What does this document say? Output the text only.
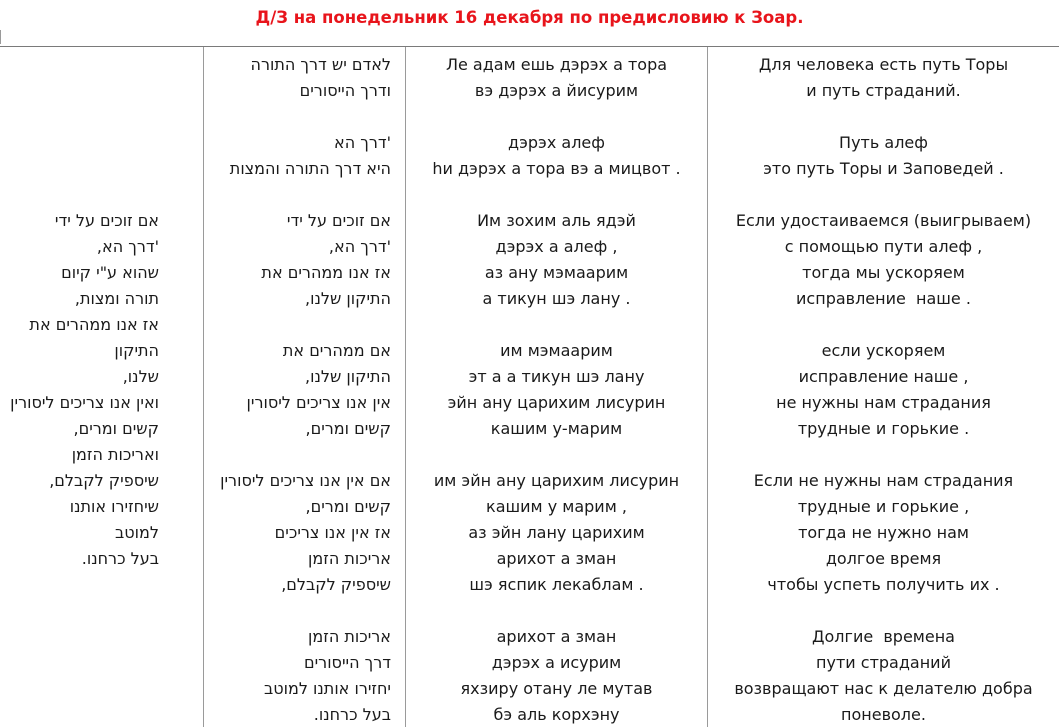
Д/З на понедельник 16 декабря по предисловию к Зоар.
אם זוכים על ידי
'דרך הא,
שהוא ע"י קיום
תורה ומצות,
אז אנו ממהרים את
התיקון
שלנו,
ואין אנו צריכים ליסורין
קשים ומרים,
ואריכות הזמן
שיספיק לקבלם,
שיחזירו אותנו
למוטב
בעל כרחנו.
לאדם יש דרך התורה
ודרך הייסורים
'דרך הא
היא דרך התורה והמצות
אם זוכים על ידי
'דרך הא,
אז אנו ממהרים את
התיקון שלנו,
אם ממהרים את
התיקון שלנו,
אין אנו צריכים ליסורין
קשים ומרים,
אם אין אנו צריכים ליסורין
קשים ומרים,
אז אין אנו צריכים
אריכות הזמן
שיספיק לקבלם,
אריכות הזמן
דרך הייסורים
יחזירו אותנו למוטב
בעל כרחנו.
Ле адам ешь дэрэх а тора
вэ дэрэх а йисурим
дэрэх алеф
hи дэрэх а тора вэ а мицвот .
Им зохим аль ядэй
дэрэх а алеф ,
аз ану мэмаарим
а тикун шэ лану .
им мэмаарим
эт а а тикун шэ лану
эйн ану царихим лисурин
кашим у-марим
им эйн ану царихим лисурин
кашим у марим ,
аз эйн лану царихим
арихот а зман
шэ яспик лекаблам .
арихот а зман
дэрэх а исурим
яхзиру отану ле мутав
бэ аль корхэну
Для человека есть путь Торы
и путь страданий.
Путь алеф
это путь Торы и Заповедей .
Если удостаиваемся (выигрываем)
с помощью пути алеф ,
тогда мы ускоряем
исправление  наше .
если ускоряем
исправление наше ,
не нужны нам страдания
трудные и горькие .
Если не нужны нам страдания
трудные и горькие ,
тогда не нужно нам
долгое время
чтобы успеть получить их .
Долгие  времена
пути страданий
возвращают нас к делателю добра
поневоле.
